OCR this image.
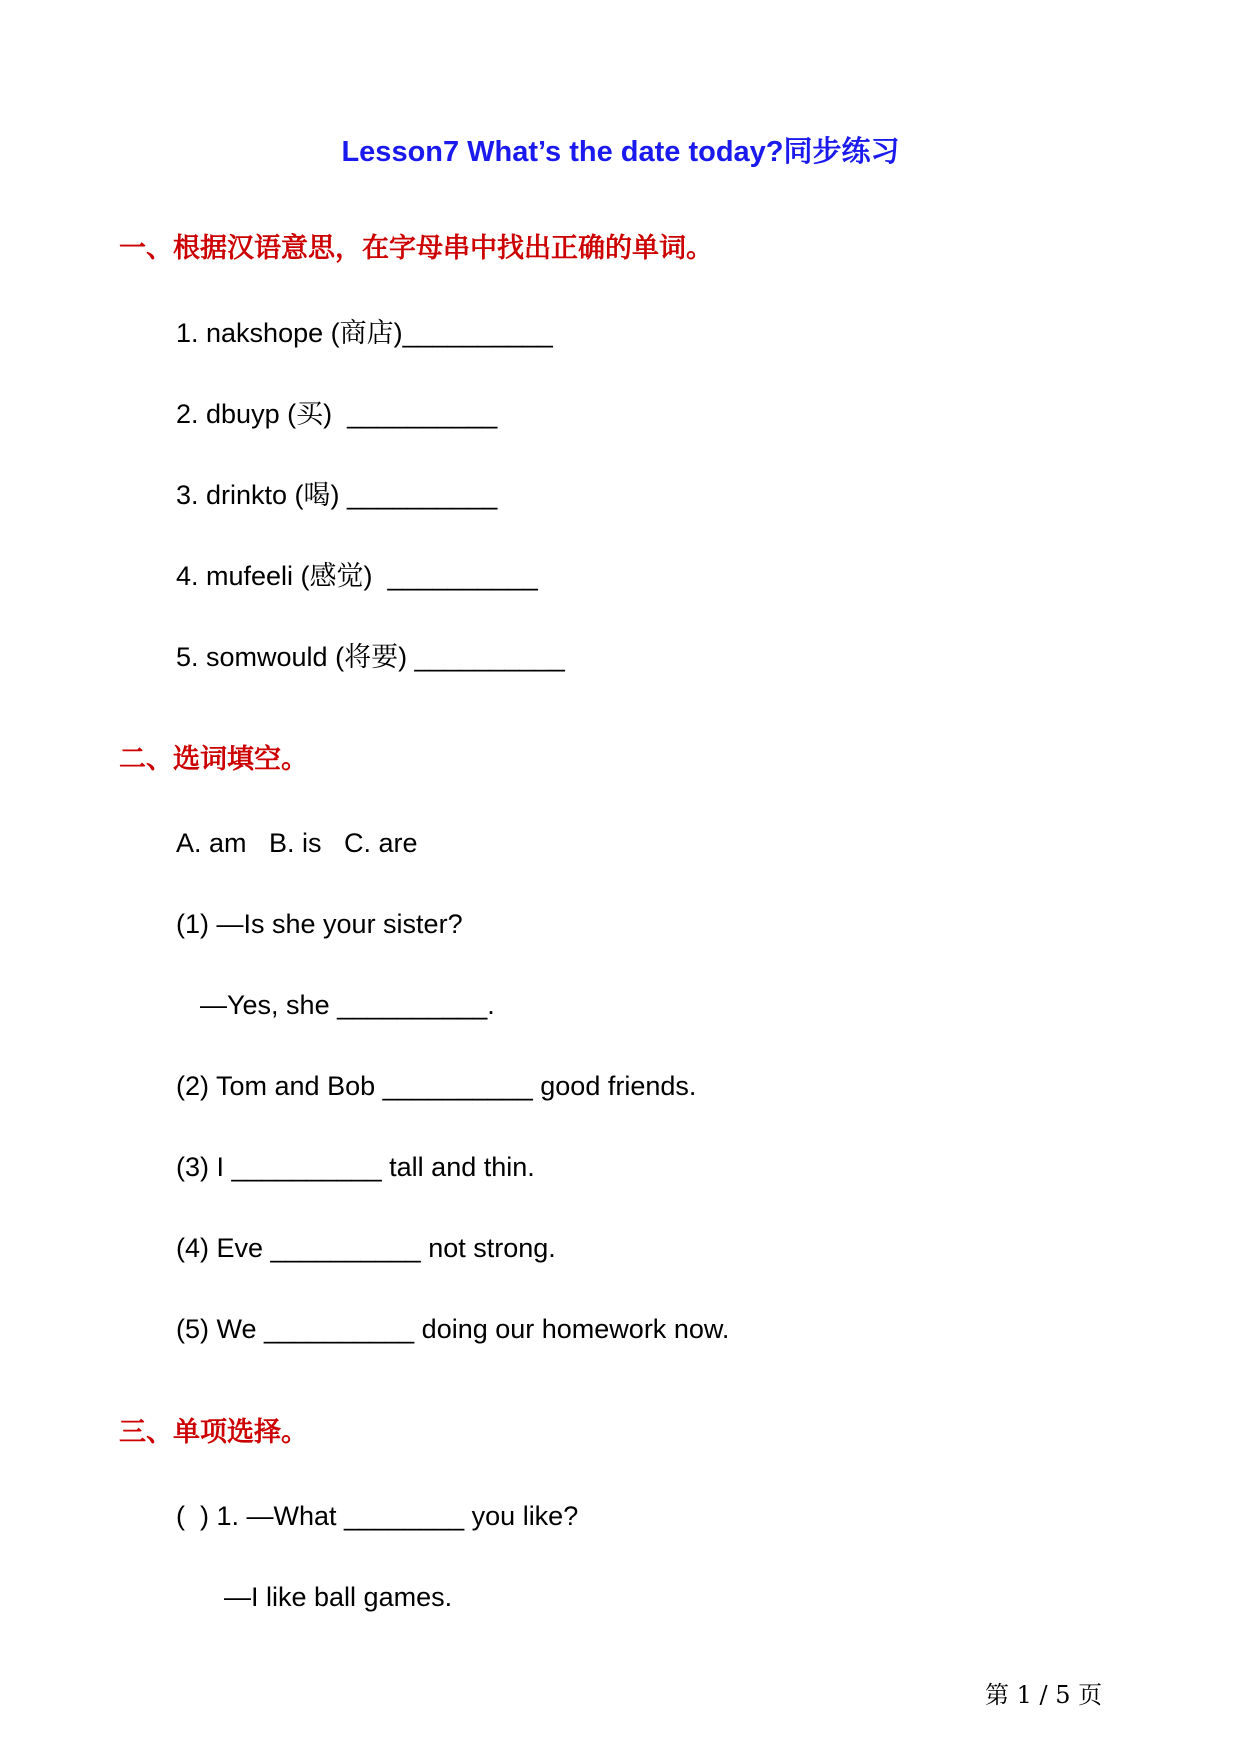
Lesson7 What’s the date today?同步练习
一、根据汉语意思，在字母串中找出正确的单词。
1. nakshope (商店)__________
2. dbuyp (买)  __________
3. drinkto (喝) __________
4. mufeeli (感觉)  __________
5. somwould (将要) __________
二、选词填空。
A. am   B. is   C. are
(1) —Is she your sister?
—Yes, she __________.
(2) Tom and Bob __________ good friends.
(3) I __________ tall and thin.
(4) Eve __________ not strong.
(5) We __________ doing our homework now.
三、单项选择。
(  ) 1. —What ________ you like?
—I like ball games.
第 1 / 5 页
